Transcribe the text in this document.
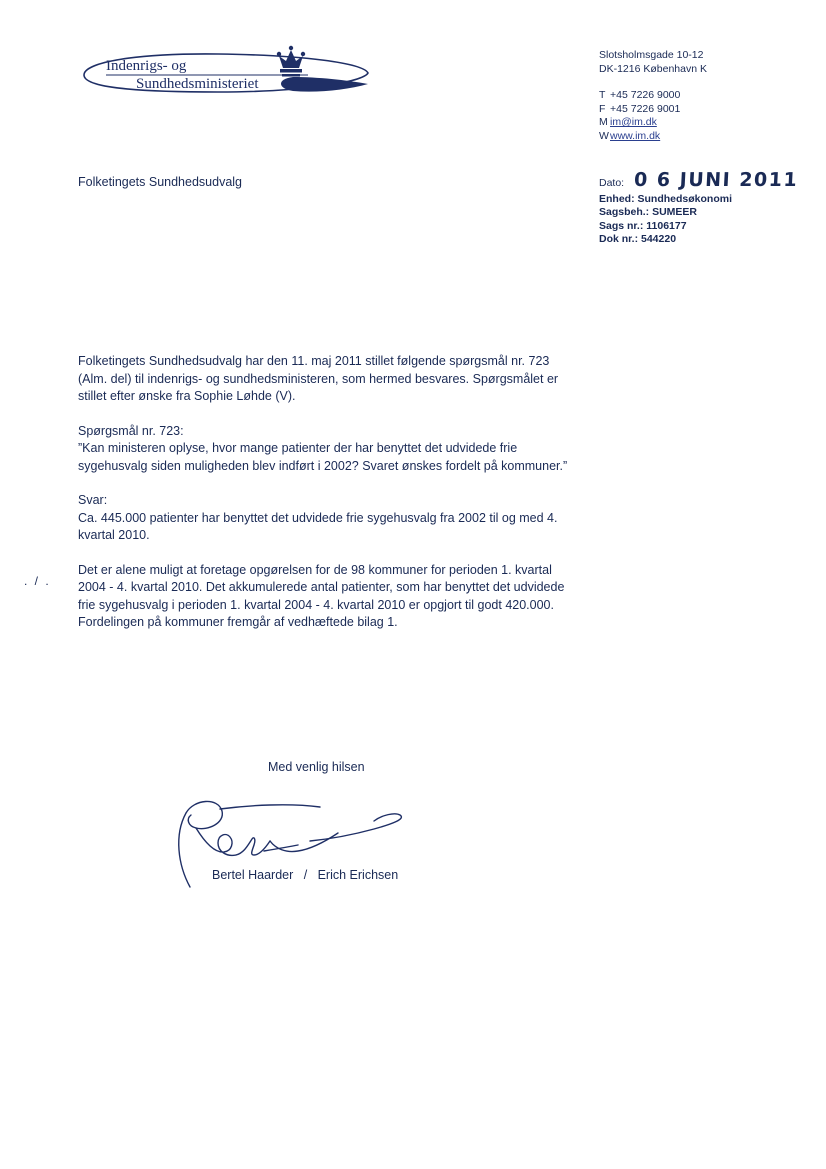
Indenrigs- og
Sundhedsministeriet
Slotsholmsgade 10-12
DK-1216 København K
T +45 7226 9000
F +45 7226 9001
M im@im.dk
Wwww.im.dk
Dato: 0 6 JUNI 2011
Enhed: Sundhedsøkonomi
Sagsbeh.: SUMEER
Sags nr.: 1106177
Dok nr.: 544220
Folketingets Sundhedsudvalg
. / .

Folketingets Sundhedsudvalg har den 11. maj 2011 stillet følgende spørgsmål nr. 723 (Alm. del) til indenrigs- og sundhedsministeren, som hermed besvares. Spørgsmålet er stillet efter ønske fra Sophie Løhde (V).

Spørgsmål nr. 723:

”Kan ministeren oplyse, hvor mange patienter der har benyttet det udvidede frie sygehusvalg siden muligheden blev indført i 2002? Svaret ønskes fordelt på kommuner.”

Svar:

Ca. 445.000 patienter har benyttet det udvidede frie sygehusvalg fra 2002 til og med 4. kvartal 2010.

Det er alene muligt at foretage opgørelsen for de 98 kommuner for perioden 1. kvartal 2004 - 4. kvartal 2010. Det akkumulerede antal patienter, som har benyttet det udvidede frie sygehusvalg i perioden 1. kvartal 2004 - 4. kvartal 2010 er opgjort til godt 420.000. Fordelingen på kommuner fremgår af vedhæftede bilag 1.

Med venlig hilsen
Bertel Haarder   /   Erich Erichsen
